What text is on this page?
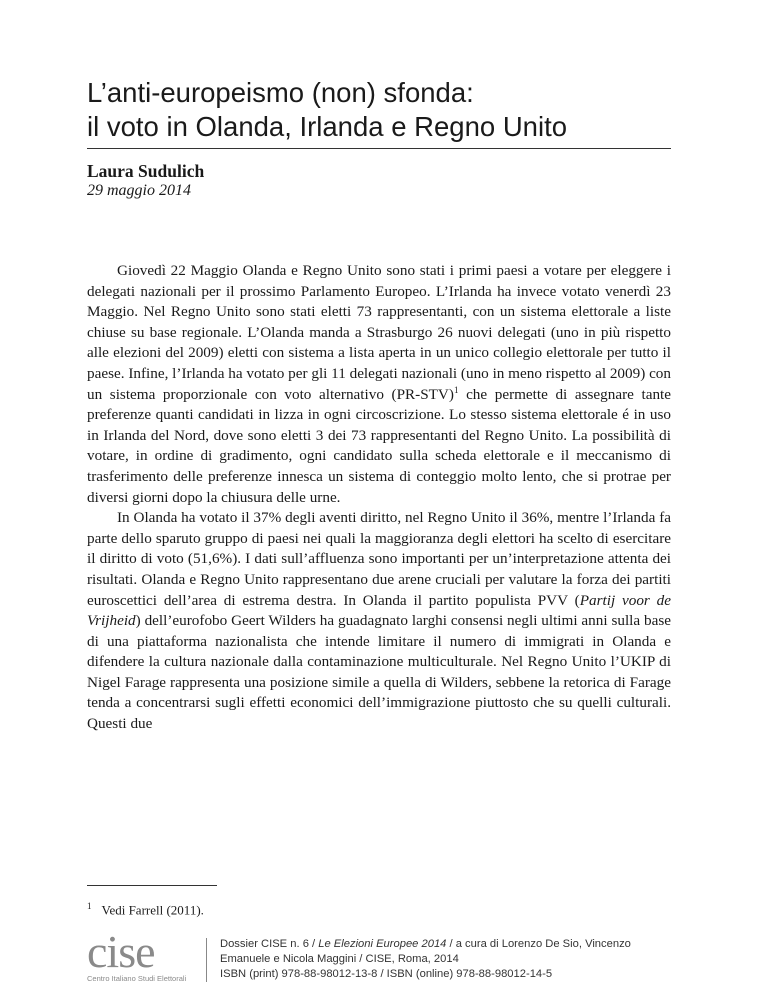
L’anti-europeismo (non) sfonda:
il voto in Olanda, Irlanda e Regno Unito
Laura Sudulich
29 maggio 2014

Giovedì 22 Maggio Olanda e Regno Unito sono stati i primi paesi a votare per eleggere i delegati nazionali per il prossimo Parlamento Europeo. L’Irlanda ha invece votato venerdì 23 Maggio. Nel Regno Unito sono stati eletti 73 rappresentanti, con un sistema elettorale a liste chiuse su base regionale. L’Olanda manda a Strasburgo 26 nuovi delegati (uno in più rispetto alle elezioni del 2009) eletti con sistema a lista aperta in un unico collegio elettorale per tutto il paese. Infine, l’Irlanda ha votato per gli 11 delegati nazionali (uno in meno rispetto al 2009) con un sistema proporzionale con voto alternativo $(PR-STV)^1$ che permette di assegnare tante preferenze quanti candidati in lizza in ogni circoscrizione. Lo stesso sistema elettorale é in uso in Irlanda del Nord, dove sono eletti 3 dei 73 rappresentanti del Regno Unito. La possibilità di votare, in ordine di gradimento, ogni candidato sulla scheda elettorale e il meccanismo di trasferimento delle preferenze innesca un sistema di conteggio molto lento, che si protrae per diversi giorni dopo la chiusura delle urne.

In Olanda ha votato il 37% degli aventi diritto, nel Regno Unito il 36%, mentre l’Irlanda fa parte dello sparuto gruppo di paesi nei quali la maggioranza degli elettori ha scelto di esercitare il diritto di voto (51,6%). I dati sull’affluenza sono importanti per un’interpretazione attenta dei risultati. Olanda e Regno Unito rappresentano due arene cruciali per valutare la forza dei partiti euroscettici dell’area di estrema destra. In Olanda il partito populista PVV (Partij voor de Vrijheid) dell’eurofobo Geert Wilders ha guadagnato larghi consensi negli ultimi anni sulla base di una piattaforma nazionalista che intende limitare il numero di immigrati in Olanda e difendere la cultura nazionale dalla contaminazione multiculturale. Nel Regno Unito l’UKIP di Nigel Farage rappresenta una posizione simile a quella di Wilders, sebbene la retorica di Farage tenda a concentrarsi sugli effetti economici dell’immigrazione piuttosto che su quelli culturali. Questi due

$^1$ Vedi Farrell (2011).
cise
Centro Italiano Studi Elettorali
Dossier CISE n. 6 / Le Elezioni Europee 2014 / a cura di Lorenzo De Sio, Vincenzo
Emanuele e Nicola Maggini / CISE, Roma, 2014
ISBN (print) 978-88-98012-13-8 / ISBN (online) 978-88-98012-14-5
